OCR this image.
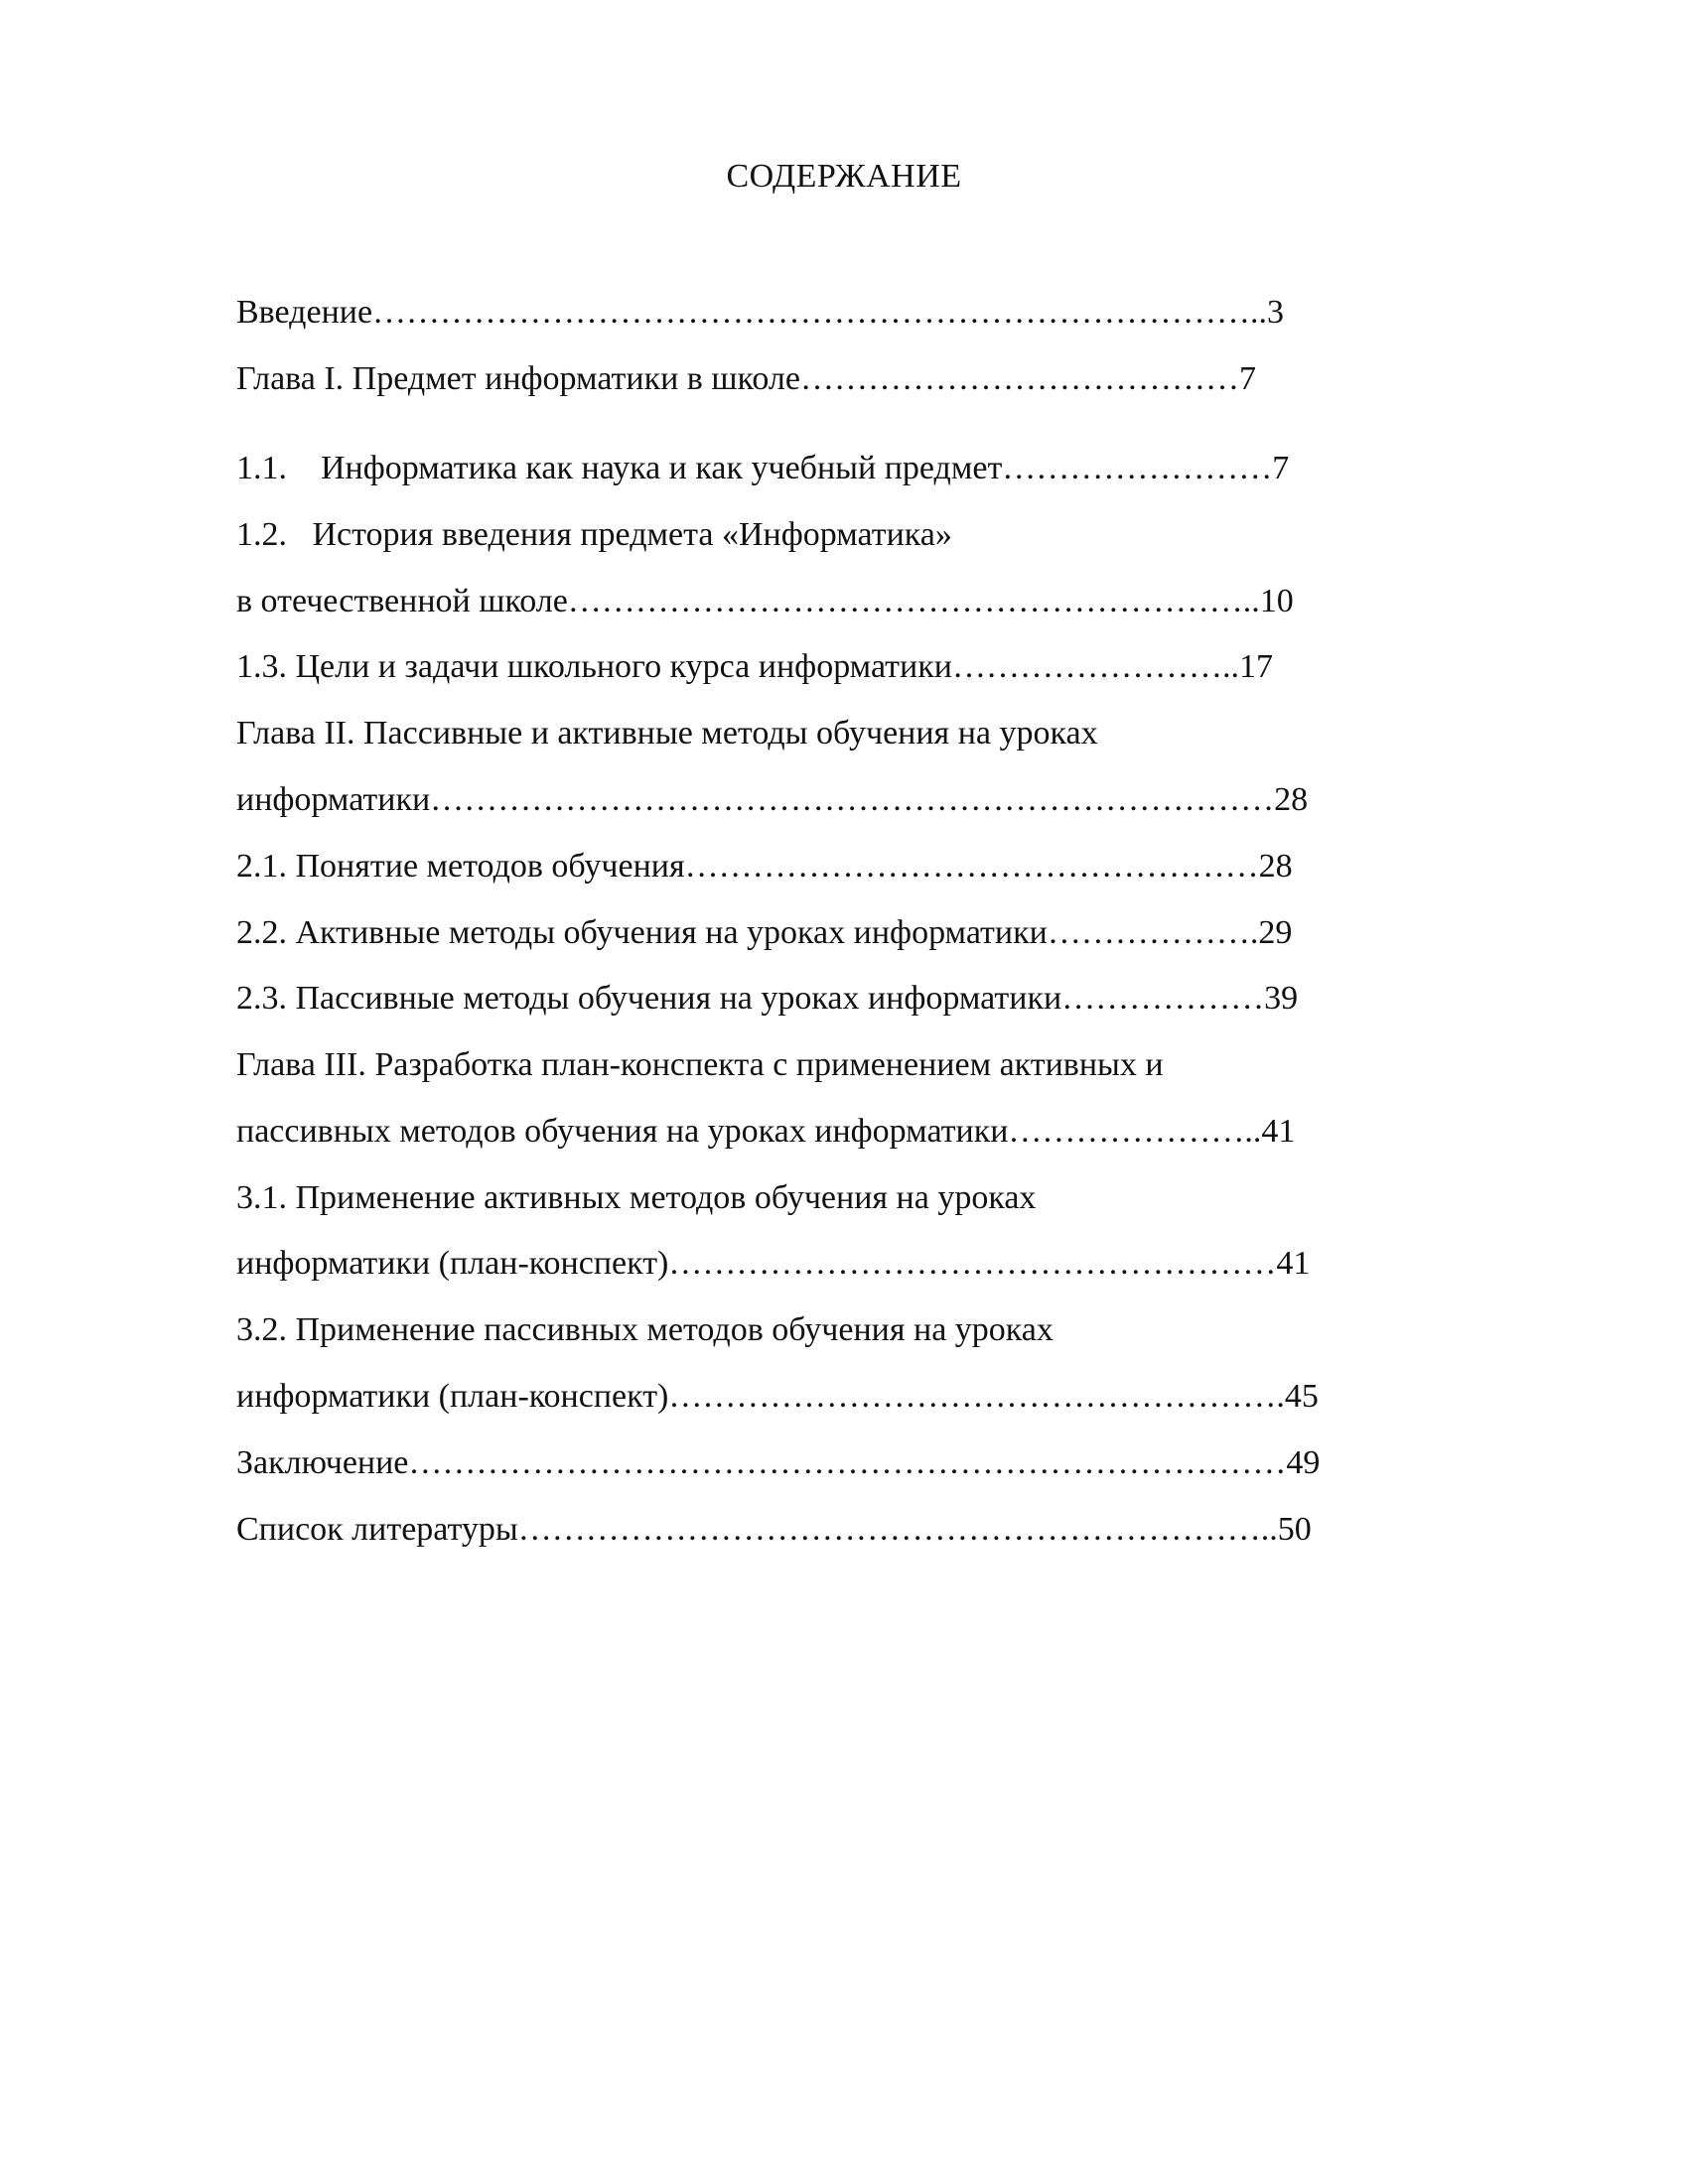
СОДЕРЖАНИЕ
Введение……………………………………………………………………..3
Глава I. Предмет информатики в школе…………………………………7
1.1.    Информатика как наука и как учебный предмет……………………7
1.2.   История введения предмета «Информатика»
в отечественной школе……………………………………………………..10
1.3. Цели и задачи школьного курса информатики……………………..17
Глава II. Пассивные и активные методы обучения на уроках
информатики…………………………………………………………………28
2.1. Понятие методов обучения……………………………………………28
2.2. Активные методы обучения на уроках информатики……………….29
2.3. Пассивные методы обучения на уроках информатики………………39
Глава III. Разработка план-конспекта с применением активных и
пассивных методов обучения на уроках информатики…………………..41
3.1. Применение активных методов обучения на уроках
информатики (план-конспект)………………………………………………41
3.2. Применение пассивных методов обучения на уроках
информатики (план-конспект)……………………………………………….45
Заключение……………………………………………………………………49
Список литературы…………………………………………………………..50
